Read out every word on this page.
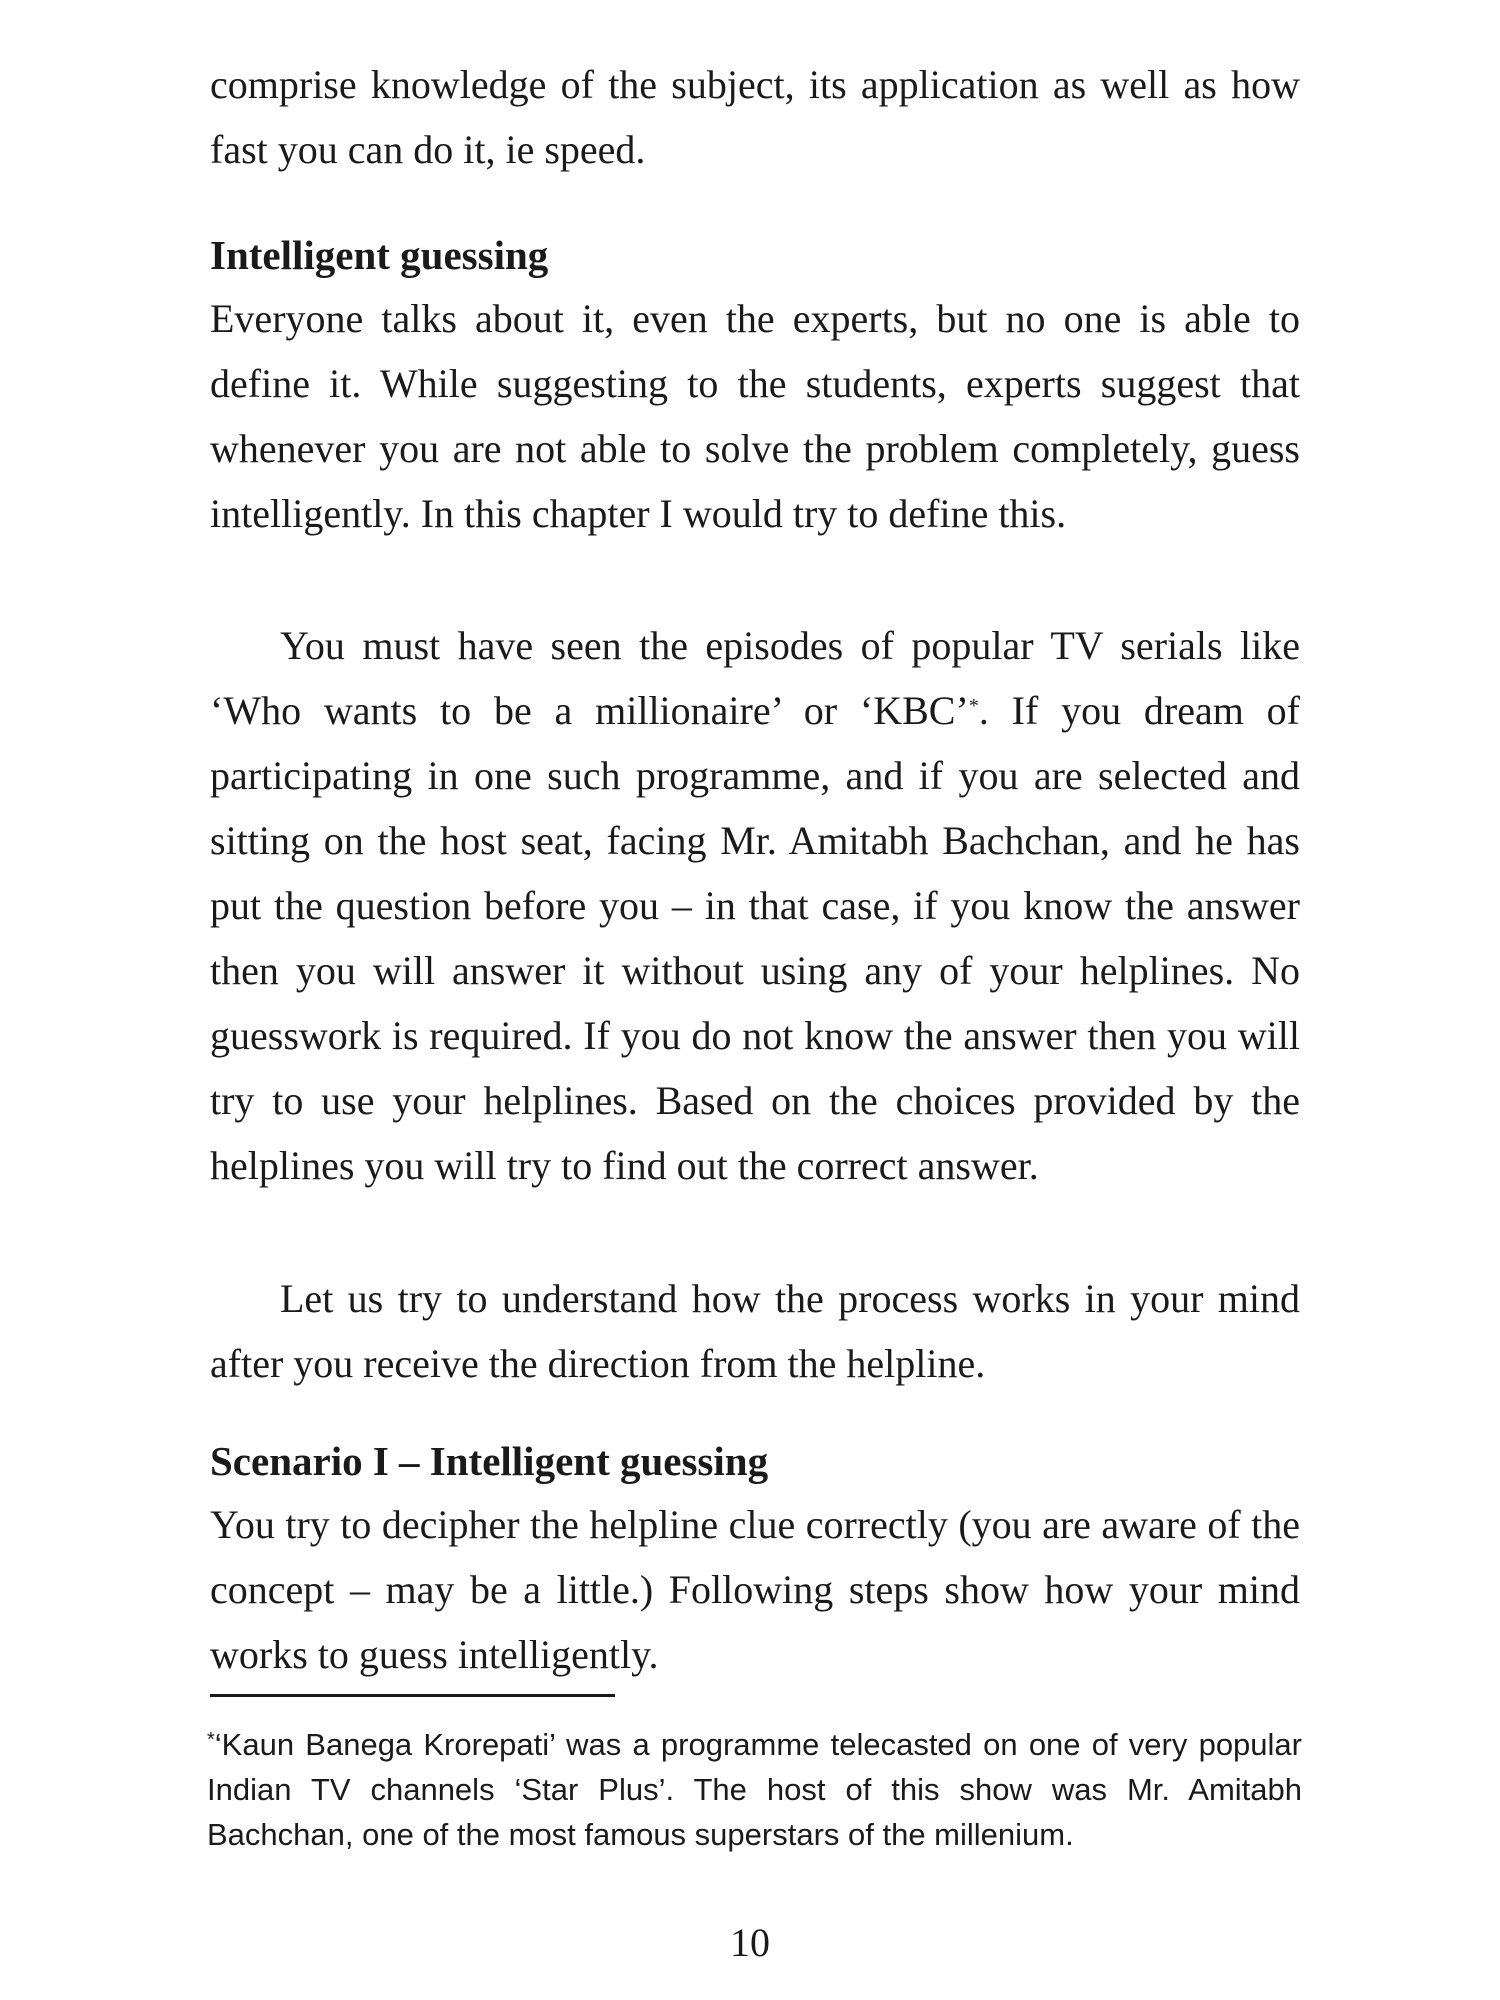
comprise knowledge of the subject, its application as well as how fast you can do it, ie speed.

Intelligent guessing

Everyone talks about it, even the experts, but no one is able to define it. While suggesting to the students, experts suggest that whenever you are not able to solve the problem completely, guess intelligently. In this chapter I would try to define this.

You must have seen the episodes of popular TV serials like ‘Who wants to be a millionaire’ or ‘KBC’*. If you dream of participating in one such programme, and if you are selected and sitting on the host seat, facing Mr. Amitabh Bachchan, and he has put the question before you – in that case, if you know the answer then you will answer it without using any of your helplines. No guesswork is required. If you do not know the answer then you will try to use your helplines. Based on the choices provided by the helplines you will try to find out the correct answer.

Let us try to understand how the process works in your mind after you receive the direction from the helpline.

Scenario I – Intelligent guessing

You try to decipher the helpline clue correctly (you are aware of the concept – may be a little.) Following steps show how your mind works to guess intelligently.

*‘Kaun Banega Krorepati’ was a programme telecasted on one of very popular Indian TV channels ‘Star Plus’. The host of this show was Mr. Amitabh Bachchan, one of the most famous superstars of the millenium.

10
